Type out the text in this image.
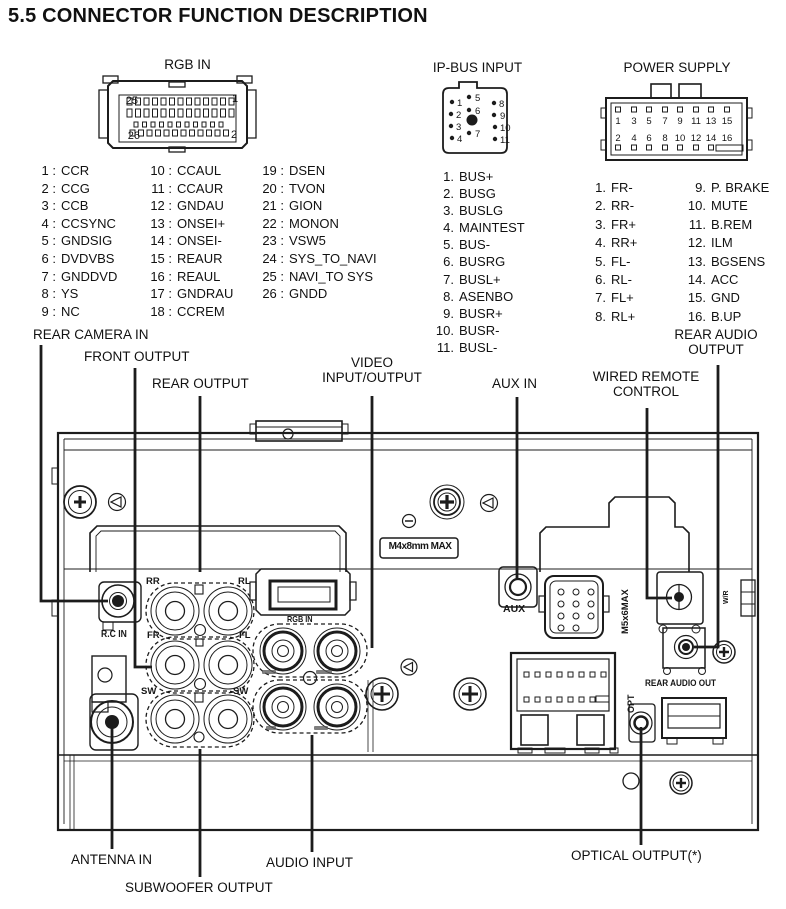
25	1
26	2
1
2
3
4
5
6
7
8
9
10
11
1 3 5 7 9 11 13 15
2 4 6 8 10 12 14 16
5.5 CONNECTOR FUNCTION DESCRIPTION
RGB IN	IP-BUS INPUT	POWER SUPPLY
1 : CCR
2 : CCG
3 : CCB
4 : CCSYNC
5 : GNDSIG
6 : DVDVBS
7 : GNDDVD
8 : YS
9 : NC
10 : CCAUL
11 : CCAUR
12 : GNDAU
13 : ONSEI+
14 : ONSEI-
15 : REAUR
16 : REAUL
17 : GNDRAU
18 : CCREM
19 : DSEN
20 : TVON
21 : GION
22 : MONON
23 : VSW5
24 : SYS_TO_NAVI
25 : NAVI_TO SYS
26 : GNDD
1. BUS+
2. BUSG
3. BUSLG
4. MAINTEST
5. BUS-
6. BUSRG
7. BUSL+
8. ASENBO
9. BUSR+
10. BUSR-
11. BUSL-
1. FR-
2. RR-
3. FR+
4. RR+
5. FL-
6. RL-
7. FL+
8. RL+
9. P. BRAKE
10. MUTE
11. B.REM
12. ILM
13. BGSENS
14. ACC
15. GND
16. B.UP
REAR CAMERA IN
FRONT OUTPUT
REAR OUTPUT
VIDEO
INPUT/OUTPUT	AUX IN	WIRED REMOTE
CONTROL
REAR AUDIO
OUTPUT
ANTENNA IN
SUBWOOFER OUTPUT
AUDIO INPUT	OPTICAL OUTPUT(*)
R.C IN
RR	RL
FR	FL
SW	SW
RGB IN
AUX
M4x8mm MAX
M5x6MAX
OPT
REAR AUDIO OUT
W/R
